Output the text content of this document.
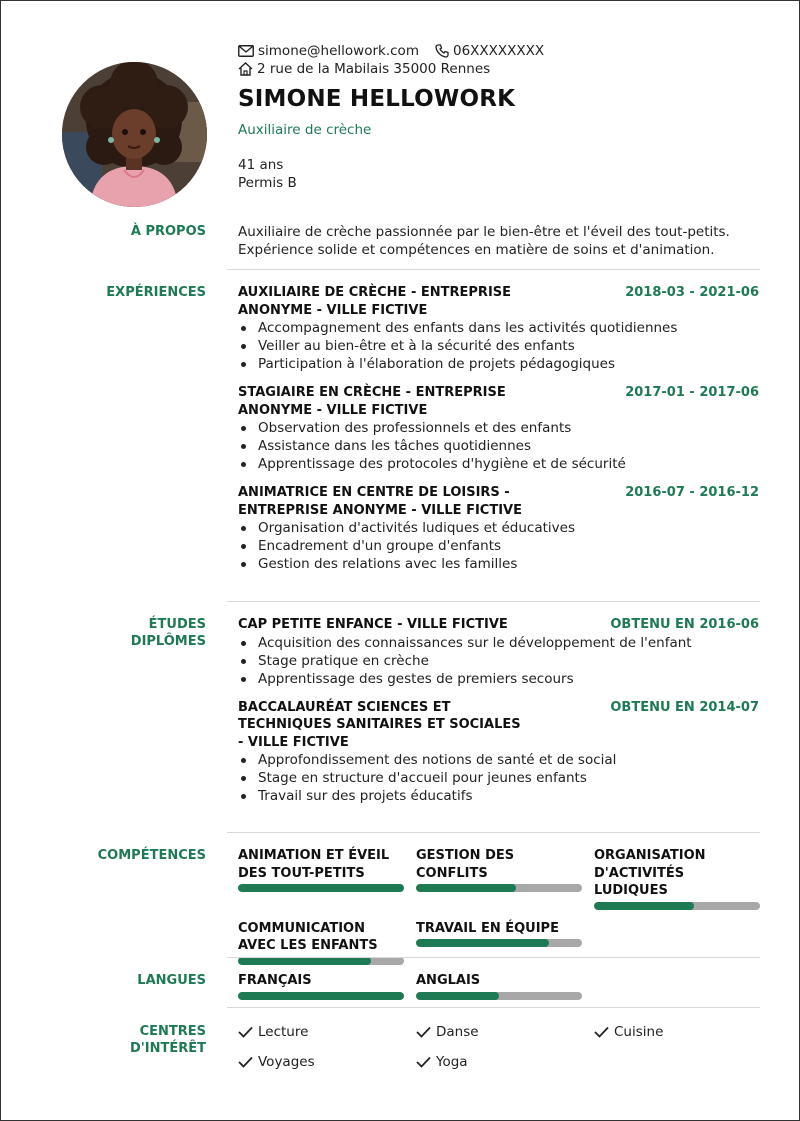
simone@hellowork.com	06XXXXXXXX
2 rue de la Mabilais 35000 Rennes
SIMONE HELLOWORK
Auxiliaire de crèche
41 ans
Permis B
À PROPOS Auxiliaire de crèche passionnée par le bien-être et l'éveil des tout-petits. Expérience solide et compétences en matière de soins et d'animation.
EXPÉRIENCES AUXILIAIRE DE CRÈCHE - ENTREPRISE ANONYME - VILLE FICTIVE
2018-03 - 2021-06
Accompagnement des enfants dans les activités quotidiennes
Veiller au bien-être et à la sécurité des enfants
Participation à l'élaboration de projets pédagogiques
STAGIAIRE EN CRÈCHE - ENTREPRISE ANONYME - VILLE FICTIVE
2017-01 - 2017-06
Observation des professionnels et des enfants
Assistance dans les tâches quotidiennes
Apprentissage des protocoles d'hygiène et de sécurité
ANIMATRICE EN CENTRE DE LOISIRS - ENTREPRISE ANONYME - VILLE FICTIVE
2016-07 - 2016-12
Organisation d'activités ludiques et éducatives
Encadrement d'un groupe d'enfants
Gestion des relations avec les familles
ÉTUDES DIPLÔMES
CAP PETITE ENFANCE - VILLE FICTIVE	OBTENU EN 2016-06
Acquisition des connaissances sur le développement de l'enfant
Stage pratique en crèche
Apprentissage des gestes de premiers secours
BACCALAURÉAT SCIENCES ET TECHNIQUES SANITAIRES ET SOCIALES - VILLE FICTIVE
OBTENU EN 2014-07
Approfondissement des notions de santé et de social
Stage en structure d'accueil pour jeunes enfants
Travail sur des projets éducatifs
COMPÉTENCES ANIMATION ET ÉVEIL DES TOUT-PETITS
GESTION DES CONFLITS
ORGANISATION D'ACTIVITÉS LUDIQUES
COMMUNICATION AVEC LES ENFANTS
TRAVAIL EN ÉQUIPE
LANGUES FRANÇAIS	ANGLAIS
CENTRES D'INTÉRÊT
Lecture	Danse	Cuisine
Voyages	Yoga
